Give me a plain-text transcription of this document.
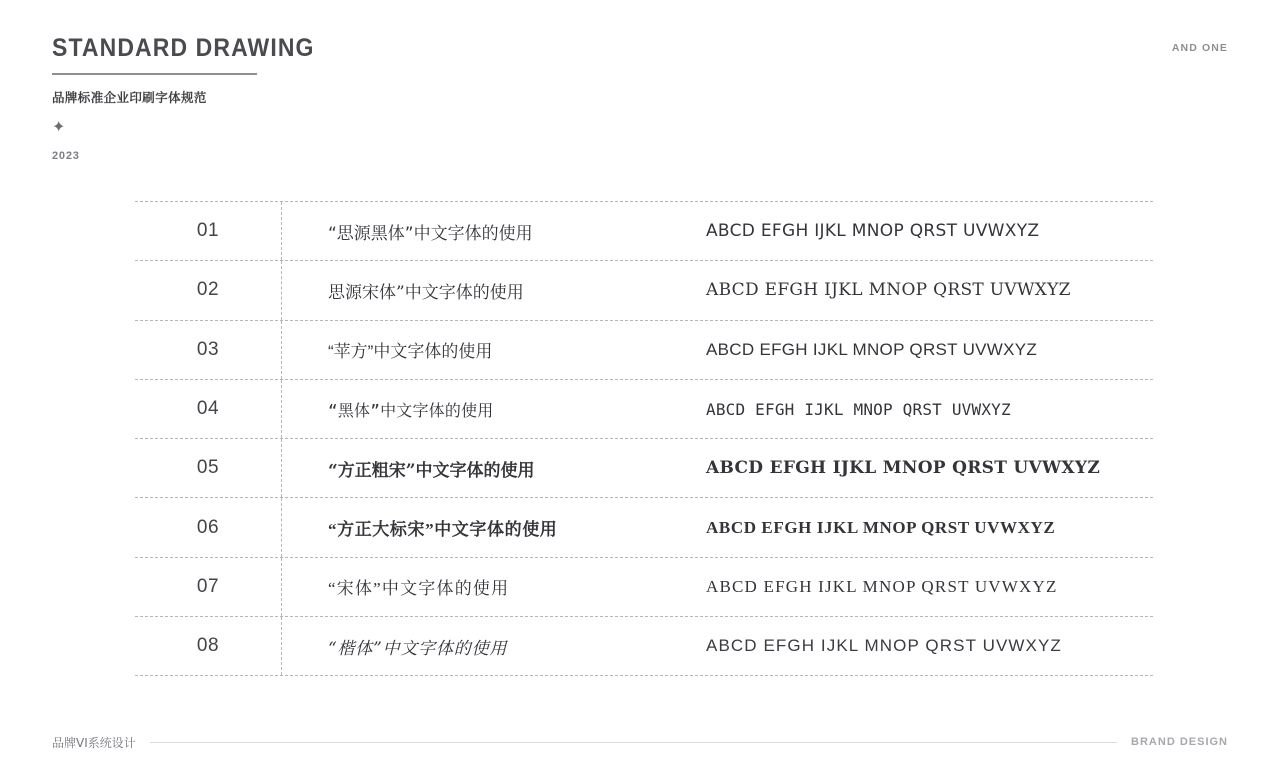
STANDARD DRAWING
品牌标准企业印刷字体规范
✦
2023
AND ONE
01	“思源黑体”中文字体的使用	ABCD EFGH IJKL MNOP QRST UVWXYZ
02	思源宋体”中文字体的使用	ABCD EFGH IJKL MNOP QRST UVWXYZ
03	“苹方”中文字体的使用	ABCD EFGH IJKL MNOP QRST UVWXYZ
04	“黑体”中文字体的使用	ABCD EFGH IJKL MNOP QRST UVWXYZ
05	“方正粗宋”中文字体的使用	ABCD EFGH IJKL MNOP QRST UVWXYZ
06	“方正大标宋”中文字体的使用	ABCD EFGH IJKL MNOP QRST UVWXYZ
07	“宋体”中文字体的使用	ABCD EFGH IJKL MNOP QRST UVWXYZ
08	“楷体”中文字体的使用	ABCD EFGH IJKL MNOP QRST UVWXYZ
品牌VI系统设计	BRAND DESIGN
